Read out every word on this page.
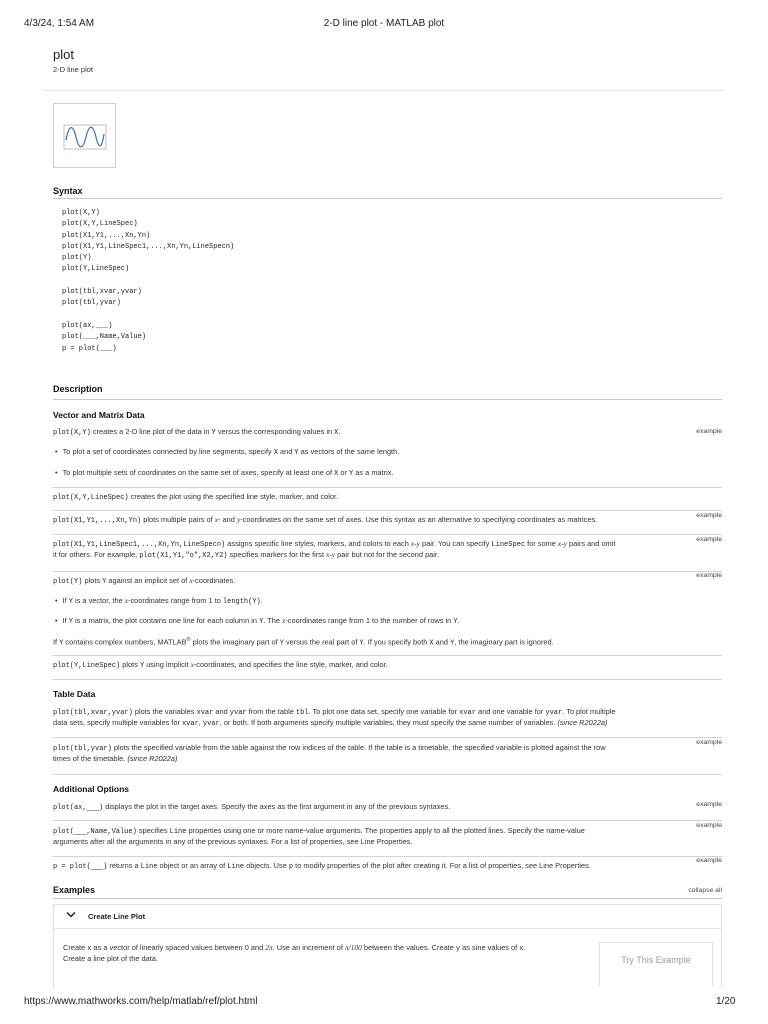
4/3/24, 1:54 AM	2-D line plot - MATLAB plot
plot
2-D line plot
Syntax
plot(X,Y)
plot(X,Y,LineSpec)
plot(X1,Y1,...,Xn,Yn)
plot(X1,Y1,LineSpec1,...,Xn,Yn,LineSpecn)
plot(Y)
plot(Y,LineSpec)

plot(tbl,xvar,yvar)
plot(tbl,yvar)

plot(ax,___)
plot(___,Name,Value)
p = plot(___)
Description
Vector and Matrix Data
plot(X,Y) creates a 2-D line plot of the data in Y versus the corresponding values in X.	example
• To plot a set of coordinates connected by line segments, specify X and Y as vectors of the same length.
• To plot multiple sets of coordinates on the same set of axes, specify at least one of X or Y as a matrix.
plot(X,Y,LineSpec) creates the plot using the specified line style, marker, and color.
plot(X1,Y1,...,Xn,Yn) plots multiple pairs of x- and y-coordinates on the same set of axes. Use this syntax as an alternative to specifying coordinates as matrices.	example
plot(X1,Y1,LineSpec1,...,Xn,Yn,LineSpecn) assigns specific line styles, markers, and colors to each x-y pair. You can specify LineSpec for some x-y pairs and omit	example
it for others. For example, plot(X1,Y1,"o",X2,Y2) specifies markers for the first x-y pair but not for the second pair.
plot(Y) plots Y against an implicit set of x-coordinates.
example
• If Y is a vector, the x-coordinates range from 1 to length(Y).
• If Y is a matrix, the plot contains one line for each column in Y. The x-coordinates range from 1 to the number of rows in Y.
If Y contains complex numbers, MATLAB® plots the imaginary part of Y versus the real part of Y. If you specify both X and Y, the imaginary part is ignored.
plot(Y,LineSpec) plots Y using implicit x-coordinates, and specifies the line style, marker, and color.
Table Data
plot(tbl,xvar,yvar) plots the variables xvar and yvar from the table tbl. To plot one data set, specify one variable for xvar and one variable for yvar. To plot multiple
data sets, specify multiple variables for xvar, yvar, or both. If both arguments specify multiple variables, they must specify the same number of variables. (since R2022a)
plot(tbl,yvar) plots the specified variable from the table against the row indices of the table. If the table is a timetable, the specified variable is plotted against the row
example
times of the timetable. (since R2022a)
Additional Options
plot(ax,___) displays the plot in the target axes. Specify the axes as the first argument in any of the previous syntaxes.	example
plot(___,Name,Value) specifies Line properties using one or more name-value arguments. The properties apply to all the plotted lines. Specify the name-value
example
arguments after all the arguments in any of the previous syntaxes. For a list of properties, see Line Properties.
p = plot(___) returns a Line object or an array of Line objects. Use p to modify properties of the plot after creating it. For a list of properties, see Line Properties.
example
Examples	collapse all
Create Line Plot
Create x as a vector of linearly spaced values between 0 and 2π. Use an increment of π/100 between the values. Create y as sine values of x.
Create a line plot of the data.	Try This Example
https://www.mathworks.com/help/matlab/ref/plot.html	1/20
